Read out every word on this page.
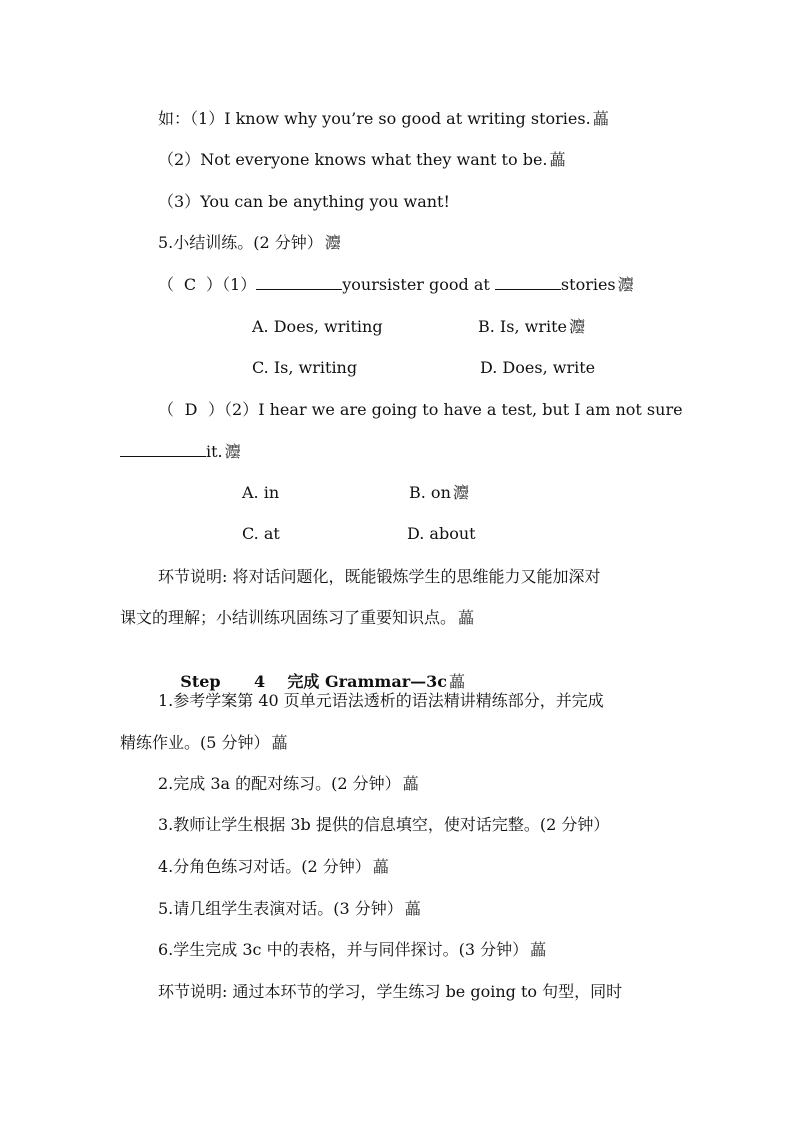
如：（1）I know why you’re so good at writing stories. 藟
（2）Not everyone knows what they want to be. 藟
（3）You can be anything you want!
5.小结训练。(2 分钟） 灋
（ C ）（1）	yoursister good at	stories 灋
A. Does, writing	B. Is, write 灋
C. Is, writing	D. Does, write
（ D ）（2）I hear we are going to have a test, but I am not sure
it. 灋
A. in	B. on 灋
C. at	D. about
环节说明: 将对话问题化，既能锻炼学生的思维能力又能加深对
课文的理解；小结训练巩固练习了重要知识点。 藟

Step      4    完成 Grammar—3c 藟

1.参考学案第 40 页单元语法透析的语法精讲精练部分，并完成
精练作业。(5 分钟） 藟
2.完成 3a 的配对练习。(2 分钟） 藟
3.教师让学生根据 3b 提供的信息填空，使对话完整。(2 分钟）
4.分角色练习对话。(2 分钟） 藟
5.请几组学生表演对话。(3 分钟） 藟
6.学生完成 3c 中的表格，并与同伴探讨。(3 分钟） 藟
环节说明: 通过本环节的学习，学生练习 be going to 句型，同时
